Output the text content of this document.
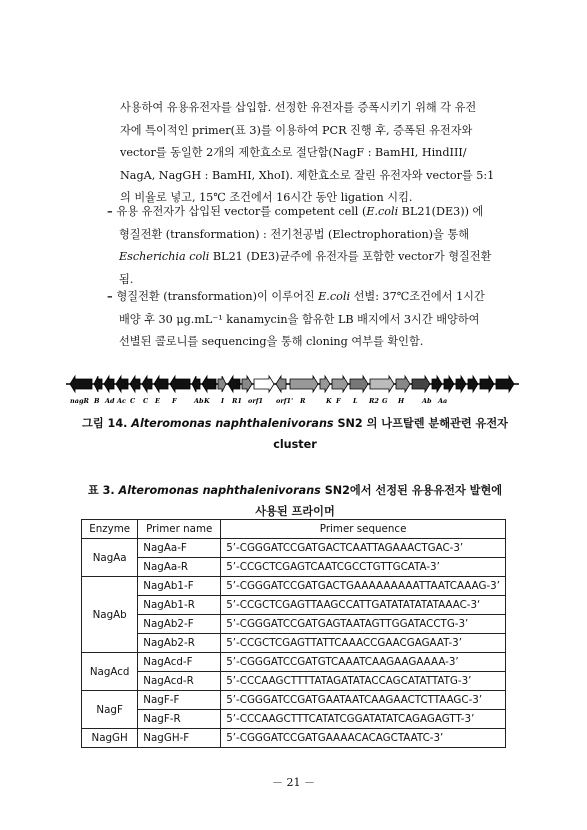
사용하여 유용유전자를 삽입함. 선정한 유전자를 증폭시키기 위해 각 유전

자에 특이적인 primer(표 3)를 이용하여 PCR 진행 후, 증폭된 유전자와

vector를 동일한 2개의 제한효소로 절단함(NagF : BamHI, HindIII/

NagA, NagGH : BamHI, XhoI). 제한효소로 잘린 유전자와 vector를 5:1

의 비율로 넣고, 15℃ 조건에서 16시간 동안 ligation 시킴.

– 유용 유전자가 삽입된 vector를 competent cell (E.coli BL21(DE3)) 에
형질전환 (transformation) : 전기천공법 (Electrophoration)을 통해
Escherichia coli BL21 (DE3)균주에 유전자를 포함한 vector가 형질전환
됨.
– 형질전환 (transformation)이 이루어진 E.coli 선별: 37℃조건에서 1시간
배양 후 30 μg.mL⁻¹ kanamycin을 함유한 LB 배지에서 3시간 배양하여
선별된 콜로니를 sequencing을 통해 cloning 여부를 확인함.
nagR B Ad Ac C C E F	Ab K I R1 orf1 orf1' R	K F L R2 G H	Ab Aa
그림 14. Alteromonas naphthalenivorans SN2 의 나프탈렌 분해관련 유전자
cluster
표 3. Alteromonas naphthalenivorans SN2에서 선정된 유용유전자 발현에
사용된 프라이머
Enzyme	Primer name	Primer sequence
NagAa	NagAa-F	5’-CGGGATCCGATGACTCAATTAGAAACTGAC-3’
	NagAa-R	5’-CCGCTCGAGTCAATCGCCTGTTGCATA-3’
NagAb	NagAb1-F	5’-CGGGATCCGATGACTGAAAAAAAAATTAATCAAAG-3’
	NagAb1-R	5’-CCGCTCGAGTTAAGCCATTGATATATATATAAAC-3‘
	NagAb2-F	5’-CGGGATCCGATGAGTAATAGTTGGATACCTG-3’
	NagAb2-R	5’-CCGCTCGAGTTATTCAAACCGAACGAGAAT-3’
NagAcd	NagAcd-F	5’-CGGGATCCGATGTCAAATCAAGAAGAAAA-3’
	NagAcd-R	5’-CCCAAGCTTTTATAGATATACCAGCATATTATG-3’
NagF	NagF-F	5’-CGGGATCCGATGAATAATCAAGAACTCTTAAGC-3’
	NagF-R	5’-CCCAAGCTTTCATATCGGATATATCAGAGAGTT-3’
NagGH	NagGH-F	5’-CGGGATCCGATGAAAACACAGCTAATC-3’
－ 21 －
